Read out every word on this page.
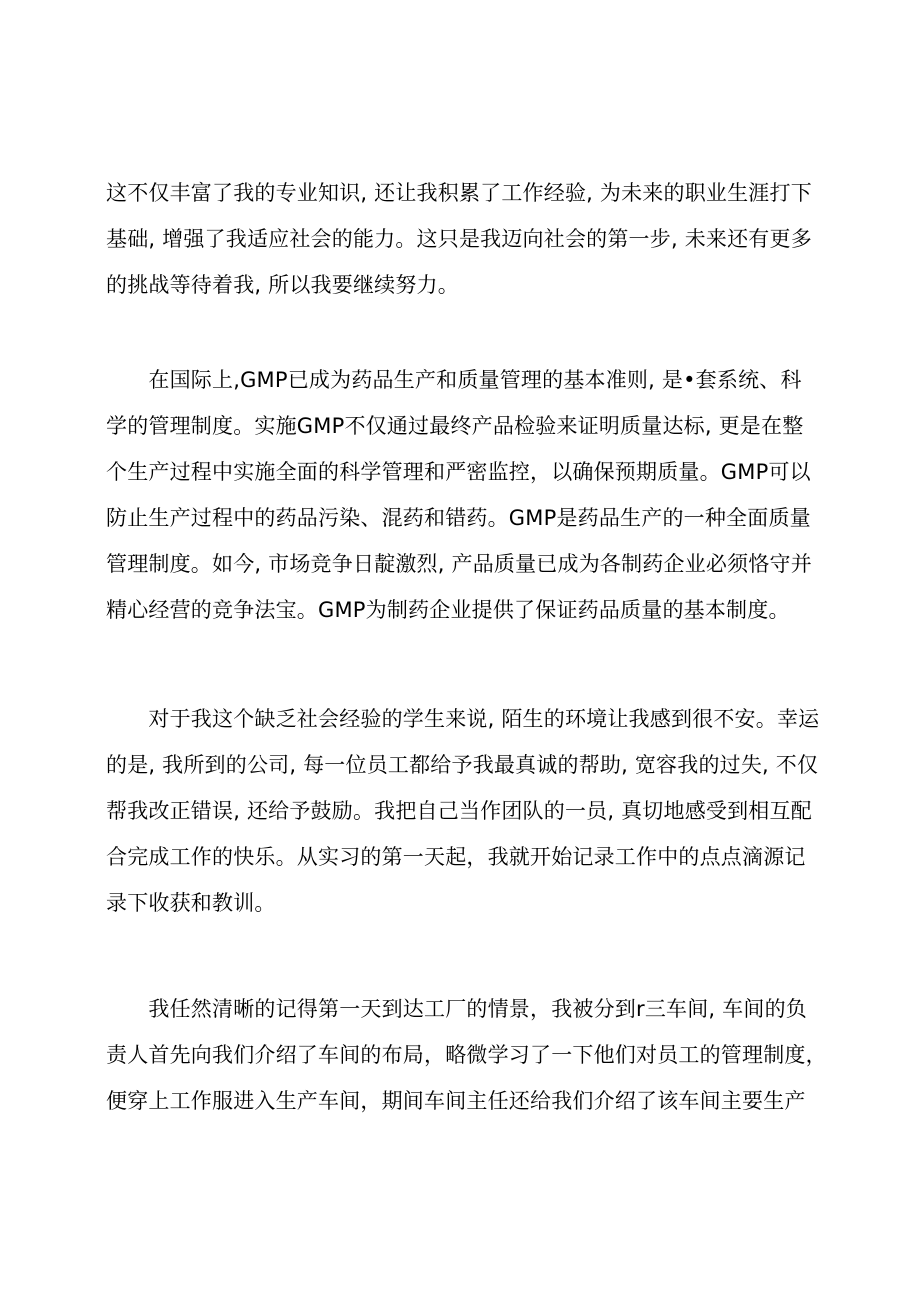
这不仅丰富了我的专业知识, 还让我积累了工作经验, 为未来的职业生涯打下
基础, 增强了我适应社会的能力。这只是我迈向社会的第一步, 未来还有更多
的挑战等待着我, 所以我要继续努力。
　　在国际上,GMP已成为药品生产和质量管理的基本准则, 是•套系统、科
学的管理制度。实施GMP不仅通过最终产品检验来证明质量达标, 更是在整
个生产过程中实施全面的科学管理和严密监控，以确保预期质量。GMP可以
防止生产过程中的药品污染、混药和错药。GMP是药品生产的一种全面质量
管理制度。如今, 市场竞争日靛激烈, 产品质量已成为各制药企业必须恪守并
精心经营的竞争法宝。GMP为制药企业提供了保证药品质量的基本制度。
　　对于我这个缺乏社会经验的学生来说, 陌生的环境让我感到很不安。幸运
的是, 我所到的公司, 每一位员工都给予我最真诚的帮助, 宽容我的过失, 不仅
帮我改正错误, 还给予鼓励。我把自己当作团队的一员, 真切地感受到相互配
合完成工作的快乐。从实习的第一天起，我就开始记录工作中的点点滴源记
录下收获和教训。
　　我任然清晰的记得第一天到达工厂的情景，我被分到r三车间, 车间的负
责人首先向我们介绍了车间的布局，略微学习了一下他们对员工的管理制度，
便穿上工作服进入生产车间，期间车间主任还给我们介绍了该车间主要生产
